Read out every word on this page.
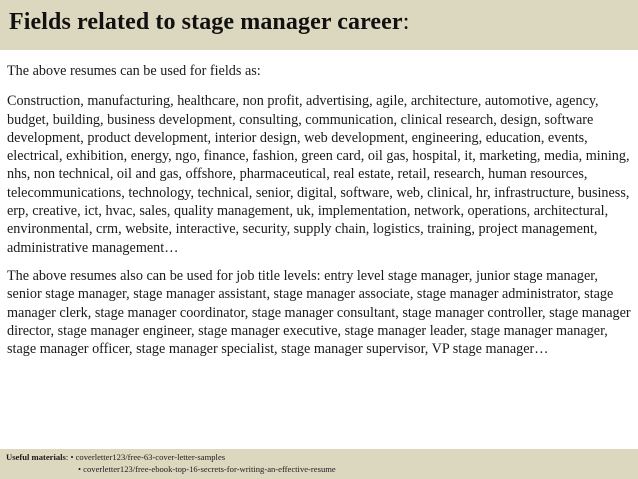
Fields related to stage manager career:

The above resumes can be used for fields as:

Construction, manufacturing, healthcare, non profit, advertising, agile, architecture, automotive, agency, budget, building, business development, consulting, communication, clinical research, design, software development, product development, interior design, web development, engineering, education, events, electrical, exhibition, energy, ngo, finance, fashion, green card, oil gas, hospital, it, marketing, media, mining, nhs, non technical, oil and gas, offshore, pharmaceutical, real estate, retail, research, human resources, telecommunications, technology, technical, senior, digital, software, web, clinical, hr, infrastructure, business, erp, creative, ict, hvac, sales, quality management, uk, implementation, network, operations, architectural, environmental, crm, website, interactive, security, supply chain, logistics, training, project management, administrative management…

The above resumes also can be used for job title levels: entry level stage manager, junior stage manager, senior stage manager, stage manager assistant, stage manager associate, stage manager administrator, stage manager clerk, stage manager coordinator, stage manager consultant, stage manager controller, stage manager director, stage manager engineer, stage manager executive, stage manager leader, stage manager manager, stage manager officer, stage manager specialist, stage manager supervisor, VP stage manager…

Useful materials: • coverletter123/free-63-cover-letter-samples
• coverletter123/free-ebook-top-16-secrets-for-writing-an-effective-resume
